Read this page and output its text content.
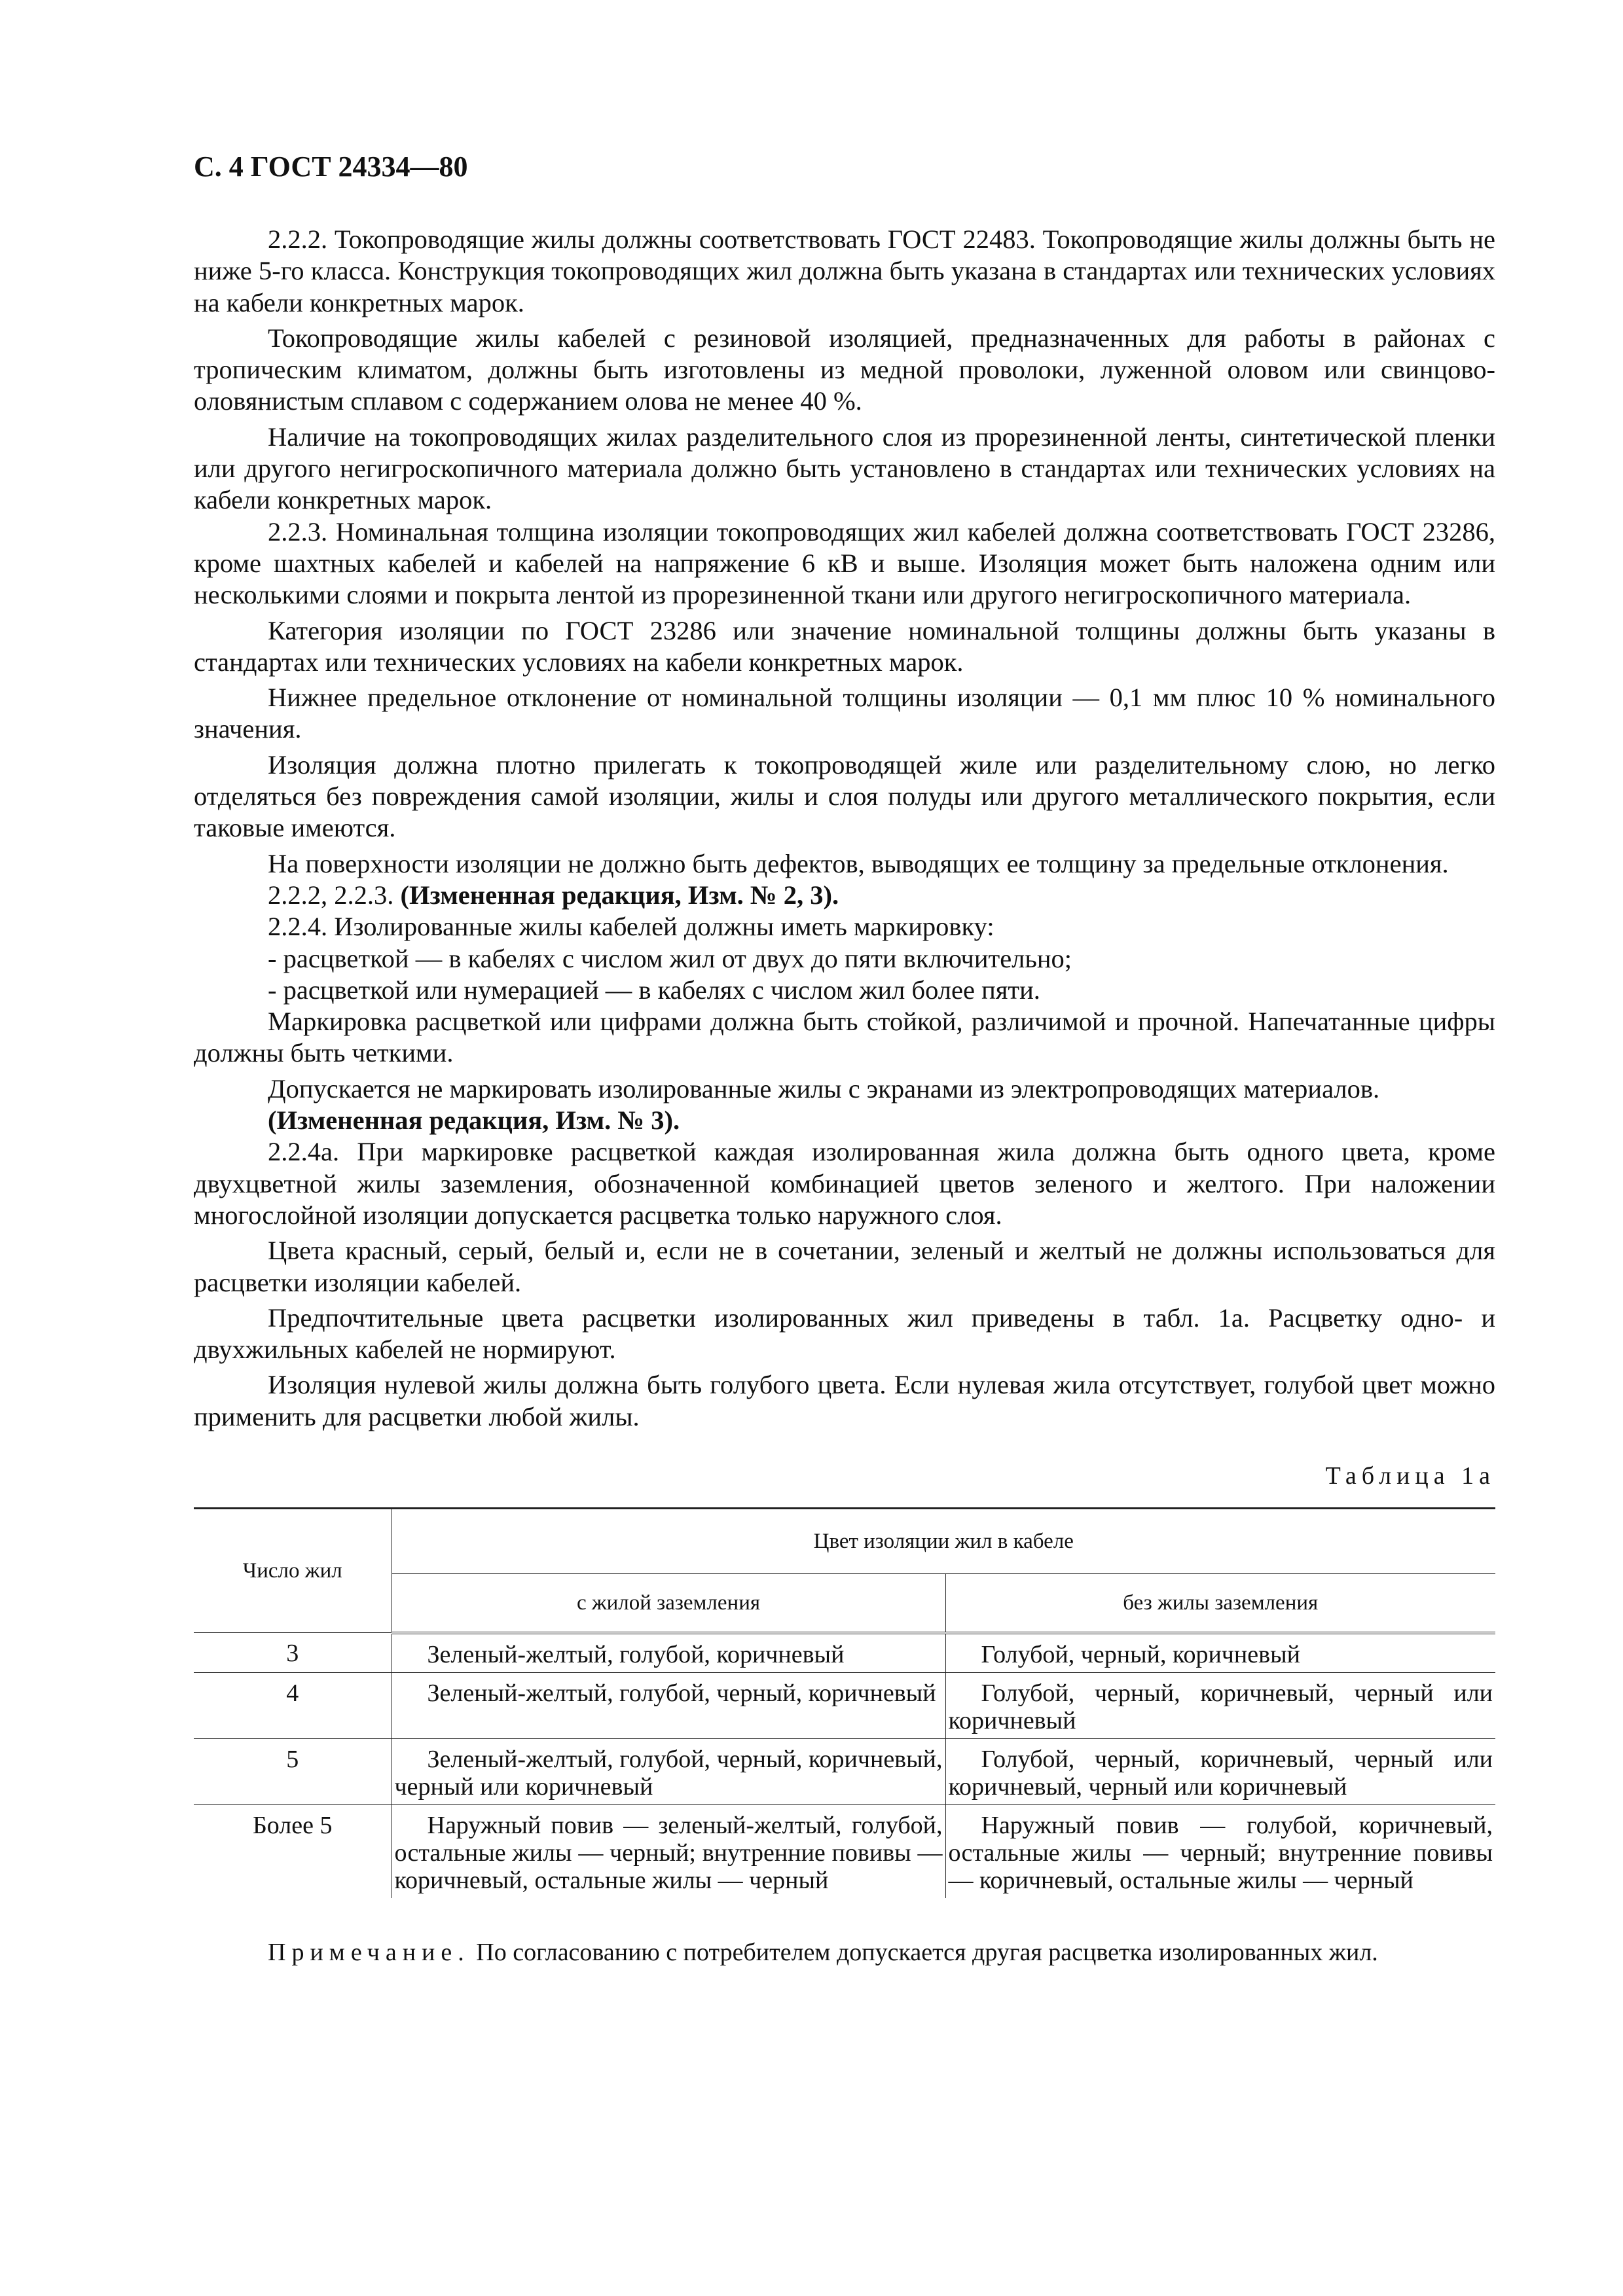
С. 4 ГОСТ 24334—80

2.2.2. Токопроводящие жилы должны соответствовать ГОСТ 22483. Токопроводящие жилы должны быть не ниже 5-го класса. Конструкция токопроводящих жил должна быть указана в стандартах или технических условиях на кабели конкретных марок.

Токопроводящие жилы кабелей с резиновой изоляцией, предназначенных для работы в районах с тропическим климатом, должны быть изготовлены из медной проволоки, луженной оловом или свинцово-оловянистым сплавом с содержанием олова не менее 40 %.

Наличие на токопроводящих жилах разделительного слоя из прорезиненной ленты, синтетической пленки или другого негигроскопичного материала должно быть установлено в стандартах или технических условиях на кабели конкретных марок.

2.2.3. Номинальная толщина изоляции токопроводящих жил кабелей должна соответствовать ГОСТ 23286, кроме шахтных кабелей и кабелей на напряжение 6 кВ и выше. Изоляция может быть наложена одним или несколькими слоями и покрыта лентой из прорезиненной ткани или другого негигроскопичного материала.

Категория изоляции по ГОСТ 23286 или значение номинальной толщины должны быть указаны в стандартах или технических условиях на кабели конкретных марок.

Нижнее предельное отклонение от номинальной толщины изоляции — 0,1 мм плюс 10 % номинального значения.

Изоляция должна плотно прилегать к токопроводящей жиле или разделительному слою, но легко отделяться без повреждения самой изоляции, жилы и слоя полуды или другого металлического покрытия, если таковые имеются.

На поверхности изоляции не должно быть дефектов, выводящих ее толщину за предельные отклонения.

2.2.2, 2.2.3. (Измененная редакция, Изм. № 2, 3).

2.2.4. Изолированные жилы кабелей должны иметь маркировку:

- расцветкой — в кабелях с числом жил от двух до пяти включительно;

- расцветкой или нумерацией — в кабелях с числом жил более пяти.

Маркировка расцветкой или цифрами должна быть стойкой, различимой и прочной. Напечатанные цифры должны быть четкими.

Допускается не маркировать изолированные жилы с экранами из электропроводящих материалов.

(Измененная редакция, Изм. № 3).

2.2.4а. При маркировке расцветкой каждая изолированная жила должна быть одного цвета, кроме двухцветной жилы заземления, обозначенной комбинацией цветов зеленого и желтого. При наложении многослойной изоляции допускается расцветка только наружного слоя.

Цвета красный, серый, белый и, если не в сочетании, зеленый и желтый не должны использоваться для расцветки изоляции кабелей.

Предпочтительные цвета расцветки изолированных жил приведены в табл. 1а. Расцветку одно- и двухжильных кабелей не нормируют.

Изоляция нулевой жилы должна быть голубого цвета. Если нулевая жила отсутствует, голубой цвет можно применить для расцветки любой жилы.

Таблица 1а
Число жил	Цвет изоляции жил в кабеле	
	с жилой заземления	без жилы заземления
3	Зеленый-желтый, голубой, коричневый	Голубой, черный, коричневый
4	Зеленый-желтый, голубой, черный, коричневый	Голубой, черный, коричневый, черный или коричневый
5	Зеленый-желтый, голубой, черный, коричневый, черный или коричневый	Голубой, черный, коричневый, черный или коричневый, черный или коричневый
Более 5	Наружный повив — зеленый-желтый, голубой, остальные жилы — черный; внутренние повивы — коричневый, остальные жилы — черный	Наружный повив — голубой, коричневый, остальные жилы — черный; внутренние повивы — коричневый, остальные жилы — черный
Примечание. По согласованию с потребителем допускается другая расцветка изолированных жил.
